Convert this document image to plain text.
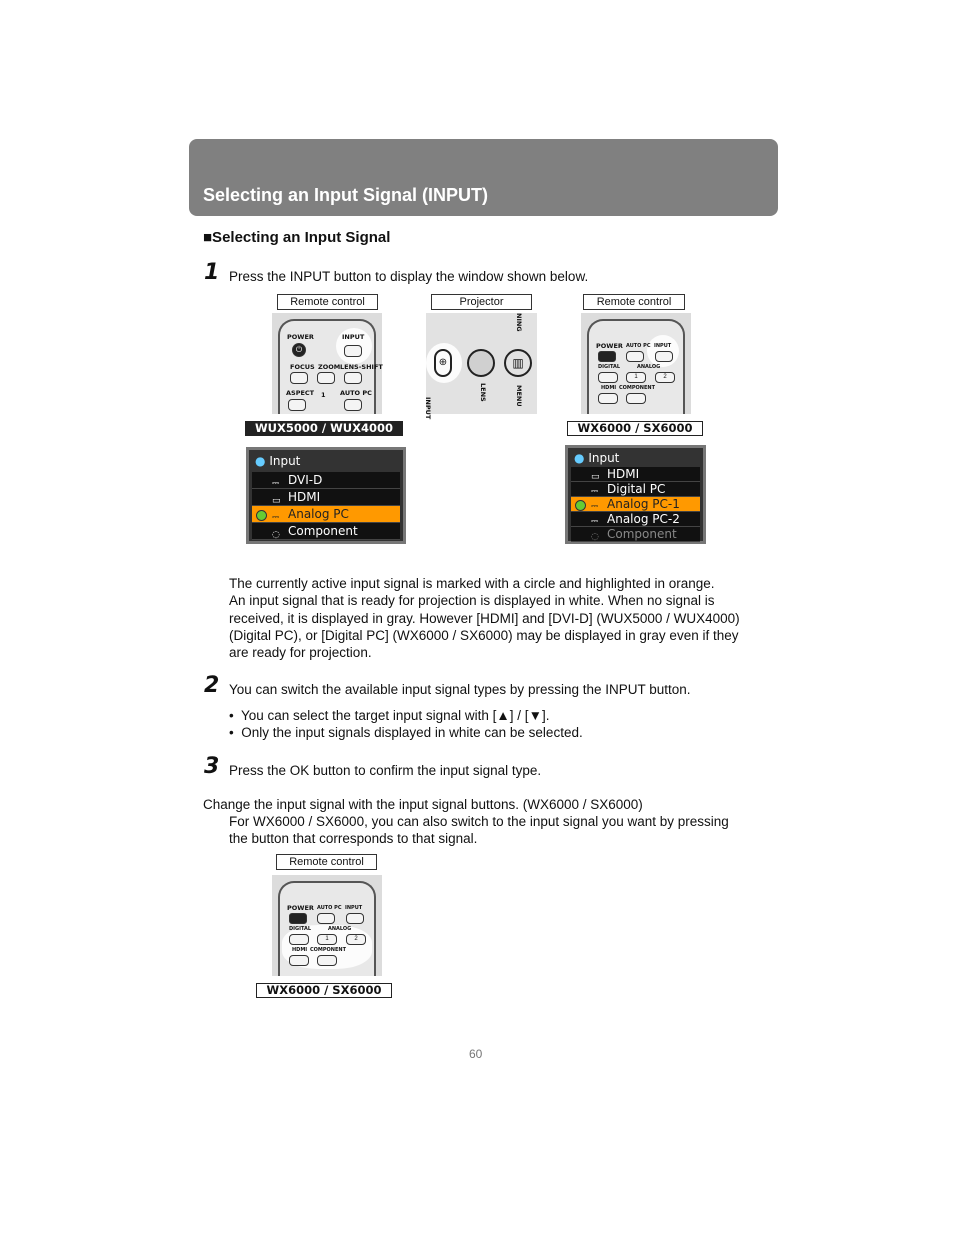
Selecting an Input Signal (INPUT)
■Selecting an Input Signal
1 Press the INPUT button to display the window shown below.
Remote control	Projector	Remote control
POWER	INPUT
⏻
FOCUS ZOOM LENS-SHIFT
ASPECT 1 AUTO PC
⊕	▥
INPUT
LENS	MENU
NING
POWER AUTO PC INPUT
DIGITAL	ANALOG
1	2
HDMI COMPONENT
WUX5000 / WUX4000	WX6000 / SX6000
● Input
⎓ DVI-D
▭ HDMI
⎓ Analog PC
◌ Component
● Input
▭ HDMI
⎓ Digital PC
⎓ Analog PC-1
⎓ Analog PC-2
◌ Component
The currently active input signal is marked with a circle and highlighted in orange.
An input signal that is ready for projection is displayed in white. When no signal is
received, it is displayed in gray. However [HDMI] and [DVI-D] (WUX5000 / WUX4000)
(Digital PC), or [Digital PC] (WX6000 / SX6000) may be displayed in gray even if they
are ready for projection.
2 You can switch the available input signal types by pressing the INPUT button.
• You can select the target input signal with [▲] / [▼].
• Only the input signals displayed in white can be selected.
3 Press the OK button to confirm the input signal type.
Change the input signal with the input signal buttons. (WX6000 / SX6000)
For WX6000 / SX6000, you can also switch to the input signal you want by pressing
the button that corresponds to that signal.
Remote control
POWER AUTO PC INPUT
DIGITAL	ANALOG
1	2
HDMI COMPONENT
WX6000 / SX6000
60
